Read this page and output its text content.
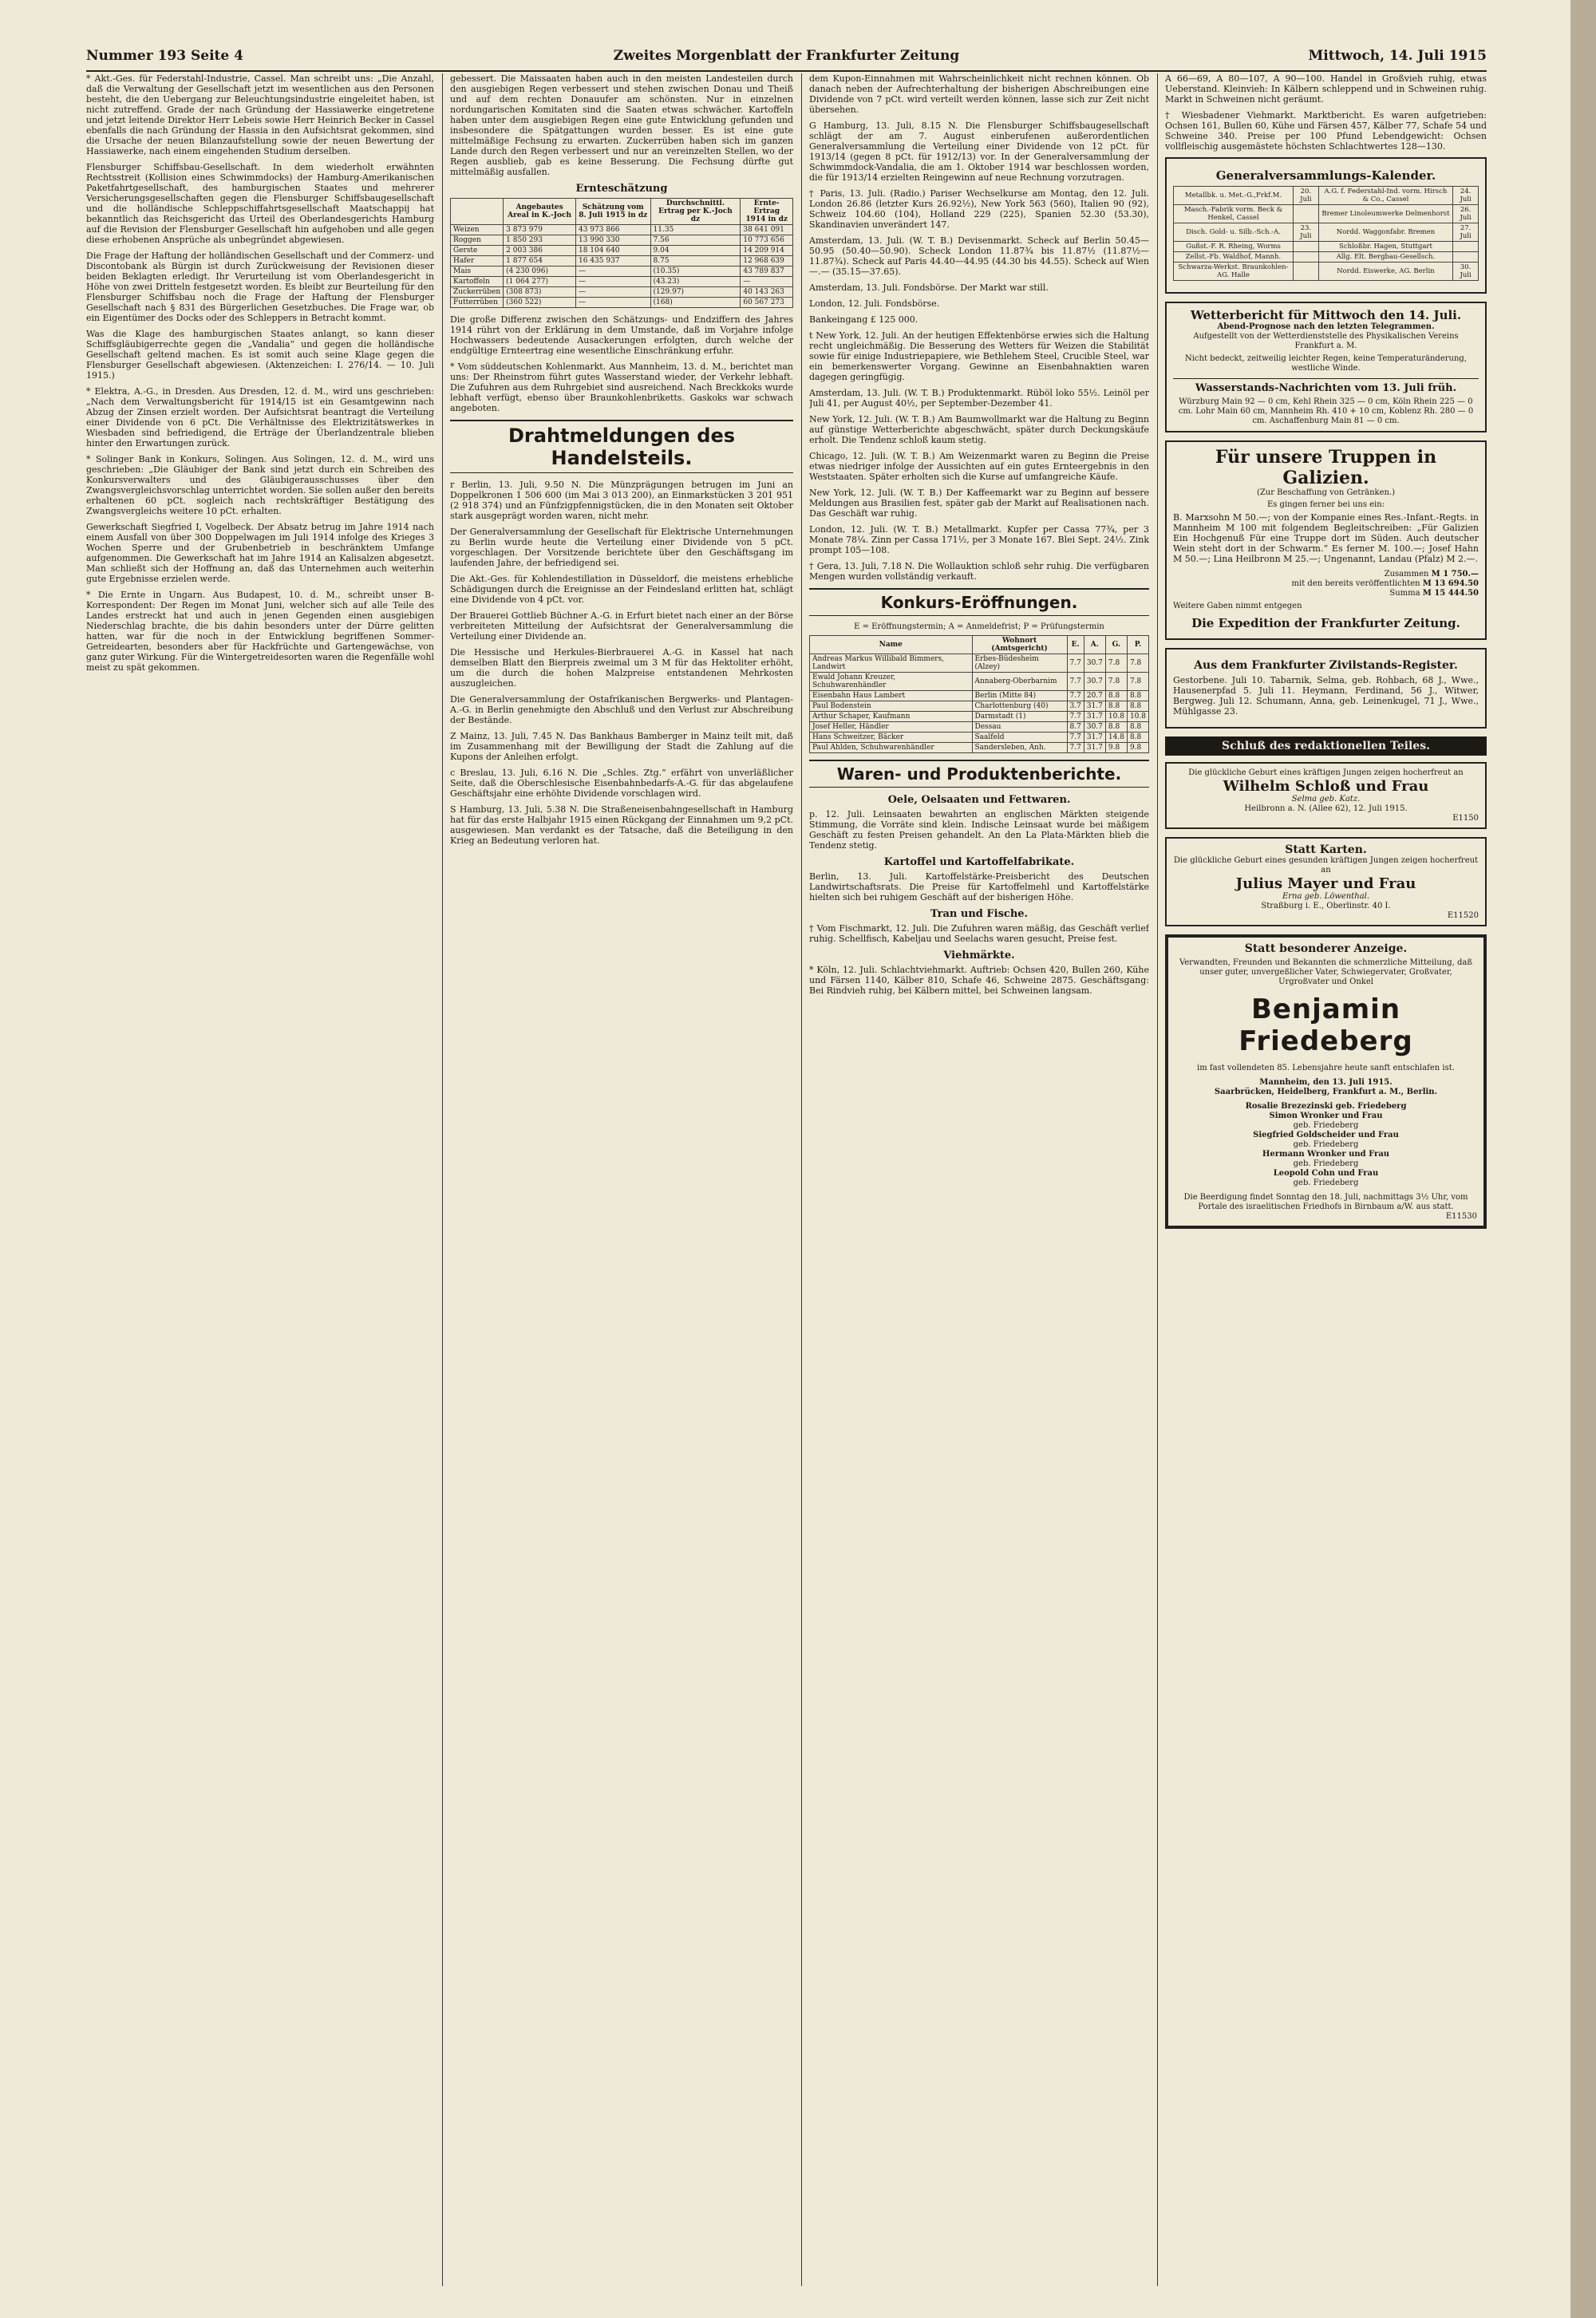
Nummer 193 Seite 4	Zweites Morgenblatt der Frankfurter Zeitung	Mittwoch, 14. Juli 1915

* Akt.-Ges. für Federstahl-Industrie, Cassel. Man schreibt uns: „Die Anzahl, daß die Verwaltung der Gesellschaft jetzt im wesentlichen aus den Personen besteht, die den Uebergang zur Beleuchtungsindustrie eingeleitet haben, ist nicht zutreffend. Grade der nach Gründung der Hassiawerke eingetretene und jetzt leitende Direktor Herr Lebeis sowie Herr Heinrich Becker in Cassel ebenfalls die nach Gründung der Hassia in den Aufsichtsrat gekommen, sind die Ursache der neuen Bilanzaufstellung sowie der neuen Bewertung der Hassiawerke, nach einem eingehenden Studium derselben.

Flensburger Schiffsbau-Gesellschaft. In dem wiederholt erwähnten Rechtsstreit (Kollision eines Schwimmdocks) der Hamburg-Amerikanischen Paketfahrtgesellschaft, des hamburgischen Staates und mehrerer Versicherungsgesellschaften gegen die Flensburger Schiffsbaugesellschaft und die holländische Schleppschiffahrtsgesellschaft Maatschappij hat bekanntlich das Reichsgericht das Urteil des Oberlandesgerichts Hamburg auf die Revision der Flensburger Gesellschaft hin aufgehoben und alle gegen diese erhobenen Ansprüche als unbegründet abgewiesen.

Die Frage der Haftung der holländischen Gesellschaft und der Commerz- und Discontobank als Bürgin ist durch Zurückweisung der Revisionen dieser beiden Beklagten erledigt. Ihr Verurteilung ist vom Oberlandesgericht in Höhe von zwei Dritteln festgesetzt worden. Es bleibt zur Beurteilung für den Flensburger Schiffsbau noch die Frage der Haftung der Flensburger Gesellschaft nach § 831 des Bürgerlichen Gesetzbuches. Die Frage war, ob ein Eigentümer des Docks oder des Schleppers in Betracht kommt.

Was die Klage des hamburgischen Staates anlangt, so kann dieser Schiffsgläubigerrechte gegen die „Vandalia“ und gegen die holländische Gesellschaft geltend machen. Es ist somit auch seine Klage gegen die Flensburger Gesellschaft abgewiesen. (Aktenzeichen: I. 276/14. — 10. Juli 1915.)

* Elektra, A.-G., in Dresden. Aus Dresden, 12. d. M., wird uns geschrieben: „Nach dem Verwaltungsbericht für 1914/15 ist ein Gesamtgewinn nach Abzug der Zinsen erzielt worden. Der Aufsichtsrat beantragt die Verteilung einer Dividende von 6 pCt. Die Verhältnisse des Elektrizitätswerkes in Wiesbaden sind befriedigend, die Erträge der Überlandzentrale blieben hinter den Erwartungen zurück.

* Solinger Bank in Konkurs, Solingen. Aus Solingen, 12. d. M., wird uns geschrieben: „Die Gläubiger der Bank sind jetzt durch ein Schreiben des Konkursverwalters und des Gläubigerausschusses über den Zwangsvergleichsvorschlag unterrichtet worden. Sie sollen außer den bereits erhaltenen 60 pCt. sogleich nach rechtskräftiger Bestätigung des Zwangsvergleichs weitere 10 pCt. erhalten.

Gewerkschaft Siegfried I, Vogelbeck. Der Absatz betrug im Jahre 1914 nach einem Ausfall von über 300 Doppelwagen im Juli 1914 infolge des Krieges 3 Wochen Sperre und der Grubenbetrieb in beschränktem Umfange aufgenommen. Die Gewerkschaft hat im Jahre 1914 an Kalisalzen abgesetzt. Man schließt sich der Hoffnung an, daß das Unternehmen auch weiterhin gute Ergebnisse erzielen werde.

* Die Ernte in Ungarn. Aus Budapest, 10. d. M., schreibt unser B-Korrespondent: Der Regen im Monat Juni, welcher sich auf alle Teile des Landes erstreckt hat und auch in jenen Gegenden einen ausgiebigen Niederschlag brachte, die bis dahin besonders unter der Dürre gelitten hatten, war für die noch in der Entwicklung begriffenen Sommer-Getreidearten, besonders aber für Hackfrüchte und Gartengewächse, von ganz guter Wirkung. Für die Wintergetreidesorten waren die Regenfälle wohl meist zu spät gekommen.

gebessert. Die Maissaaten haben auch in den meisten Landesteilen durch den ausgiebigen Regen verbessert und stehen zwischen Donau und Theiß und auf dem rechten Donauufer am schönsten. Nur in einzelnen nordungarischen Komitaten sind die Saaten etwas schwächer. Kartoffeln haben unter dem ausgiebigen Regen eine gute Entwicklung gefunden und insbesondere die Spätgattungen wurden besser. Es ist eine gute mittelmäßige Fechsung zu erwarten. Zuckerrüben haben sich im ganzen Lande durch den Regen verbessert und nur an vereinzelten Stellen, wo der Regen ausblieb, gab es keine Besserung. Die Fechsung dürfte gut mittelmäßig ausfallen.

Ernteschätzung
	Angebautes Areal in K.-Joch	Schätzung vom 8. Juli 1915 in dz	Durchschnittl. Ertrag per K.-Joch dz	Ernte-Ertrag 1914 in dz
Weizen	3 873 979	43 973 866	11.35	38 641 091
Roggen	1 850 293	13 990 330	7.56	10 773 656
Gerste	2 003 386	18 104 640	9.04	14 209 914
Hafer	1 877 654	16 435 937	8.75	12 968 639
Mais	(4 230 096)	—	(10.35)	43 789 837
Kartoffeln	(1 064 277)	—	(43.23)	—
Zuckerrüben	(308 873)	—	(129.97)	40 143 263
Futterrüben	(360 522)	—	(168)	60 567 273

Die große Differenz zwischen den Schätzungs- und Endziffern des Jahres 1914 rührt von der Erklärung in dem Umstande, daß im Vorjahre infolge Hochwassers bedeutende Ausackerungen erfolgten, durch welche der endgültige Ernteertrag eine wesentliche Einschränkung erfuhr.

* Vom süddeutschen Kohlenmarkt. Aus Mannheim, 13. d. M., berichtet man uns: Der Rheinstrom führt gutes Wasserstand wieder, der Verkehr lebhaft. Die Zufuhren aus dem Ruhrgebiet sind ausreichend. Nach Breckkoks wurde lebhaft verfügt, ebenso über Braunkohlenbriketts. Gaskoks war schwach angeboten.

Drahtmeldungen des Handelsteils.

r Berlin, 13. Juli, 9.50 N. Die Münzprägungen betrugen im Juni an Doppelkronen 1 506 600 (im Mai 3 013 200), an Einmarkstücken 3 201 951 (2 918 374) und an Fünfzigpfennigstücken, die in den Monaten seit Oktober stark ausgeprägt worden waren, nicht mehr.

Der Generalversammlung der Gesellschaft für Elektrische Unternehmungen zu Berlin wurde heute die Verteilung einer Dividende von 5 pCt. vorgeschlagen. Der Vorsitzende berichtete über den Geschäftsgang im laufenden Jahre, der befriedigend sei.

Die Akt.-Ges. für Kohlendestillation in Düsseldorf, die meistens erhebliche Schädigungen durch die Ereignisse an der Feindesland erlitten hat, schlägt eine Dividende von 4 pCt. vor.

Der Brauerei Gottlieb Büchner A.-G. in Erfurt bietet nach einer an der Börse verbreiteten Mitteilung der Aufsichtsrat der Generalversammlung die Verteilung einer Dividende an.

Die Hessische und Herkules-Bierbrauerei A.-G. in Kassel hat nach demselben Blatt den Bierpreis zweimal um 3 M für das Hektoliter erhöht, um die durch die hohen Malzpreise entstandenen Mehrkosten auszugleichen.

Die Generalversammlung der Ostafrikanischen Bergwerks- und Plantagen-A.-G. in Berlin genehmigte den Abschluß und den Verlust zur Abschreibung der Bestände.

Z Mainz, 13. Juli, 7.45 N. Das Bankhaus Bamberger in Mainz teilt mit, daß im Zusammenhang mit der Bewilligung der Stadt die Zahlung auf die Kupons der Anleihen erfolgt.

c Breslau, 13. Juli, 6.16 N. Die „Schles. Ztg.“ erfährt von unverläßlicher Seite, daß die Oberschlesische Eisenbahnbedarfs-A.-G. für das abgelaufene Geschäftsjahr eine erhöhte Dividende vorschlagen wird.

S Hamburg, 13. Juli, 5.38 N. Die Straßeneisenbahngesellschaft in Hamburg hat für das erste Halbjahr 1915 einen Rückgang der Einnahmen um 9,2 pCt. ausgewiesen. Man verdankt es der Tatsache, daß die Beteiligung in den Krieg an Bedeutung verloren hat.

dem Kupon-Einnahmen mit Wahrscheinlichkeit nicht rechnen können. Ob danach neben der Aufrechterhaltung der bisherigen Abschreibungen eine Dividende von 7 pCt. wird verteilt werden können, lasse sich zur Zeit nicht übersehen.

G Hamburg, 13. Juli, 8.15 N. Die Flensburger Schiffsbaugesellschaft schlägt der am 7. August einberufenen außerordentlichen Generalversammlung die Verteilung einer Dividende von 12 pCt. für 1913/14 (gegen 8 pCt. für 1912/13) vor. In der Generalversammlung der Schwimmdock-Vandalia, die am 1. Oktober 1914 war beschlossen worden, die für 1913/14 erzielten Reingewinn auf neue Rechnung vorzutragen.

† Paris, 13. Juli. (Radio.) Pariser Wechselkurse am Montag, den 12. Juli. London 26.86 (letzter Kurs 26.92½), New York 563 (560), Italien 90 (92), Schweiz 104.60 (104), Holland 229 (225), Spanien 52.30 (53.30), Skandinavien unverändert 147.

Amsterdam, 13. Juli. (W. T. B.) Devisenmarkt. Scheck auf Berlin 50.45—50.95 (50.40—50.90). Scheck London 11.87¾ bis 11.87½ (11.87½—11.87¾). Scheck auf Paris 44.40—44.95 (44.30 bis 44.55). Scheck auf Wien —.— (35.15—37.65).

Amsterdam, 13. Juli. Fondsbörse. Der Markt war still.

London, 12. Juli. Fondsbörse.

Bankeingang £ 125 000.

t New York, 12. Juli. An der heutigen Effektenbörse erwies sich die Haltung recht ungleichmäßig. Die Besserung des Wetters für Weizen die Stabilität sowie für einige Industriepapiere, wie Bethlehem Steel, Crucible Steel, war ein bemerkenswerter Vorgang. Gewinne an Eisenbahnaktien waren dagegen geringfügig.

Amsterdam, 13. Juli. (W. T. B.) Produktenmarkt. Rüböl loko 55½. Leinöl per Juli 41, per August 40½, per September-Dezember 41.

New York, 12. Juli. (W. T. B.) Am Baumwollmarkt war die Haltung zu Beginn auf günstige Wetterberichte abgeschwächt, später durch Deckungskäufe erholt. Die Tendenz schloß kaum stetig.

Chicago, 12. Juli. (W. T. B.) Am Weizenmarkt waren zu Beginn die Preise etwas niedriger infolge der Aussichten auf ein gutes Ernteergebnis in den Weststaaten. Später erholten sich die Kurse auf umfangreiche Käufe.

New York, 12. Juli. (W. T. B.) Der Kaffeemarkt war zu Beginn auf bessere Meldungen aus Brasilien fest, später gab der Markt auf Realisationen nach. Das Geschäft war ruhig.

London, 12. Juli. (W. T. B.) Metallmarkt. Kupfer per Cassa 77¾, per 3 Monate 78¼. Zinn per Cassa 171½, per 3 Monate 167. Blei Sept. 24½. Zink prompt 105—108.

† Gera, 13. Juli, 7.18 N. Die Wollauktion schloß sehr ruhig. Die verfügbaren Mengen wurden vollständig verkauft.

Konkurs-Eröffnungen.
E = Eröffnungstermin; A = Anmeldefrist; P = Prüfungstermin
Name	Wohnort (Amtsgericht)	E.	A.	G.	P.
Andreas Markus Willibald Bimmers, Landwirt	Erbes-Büdesheim (Alzey)	7.7	30.7	7.8	7.8
Ewald Johann Kreuzer, Schuhwarenhändler	Annaberg-Oberbarnim	7.7	30.7	7.8	7.8
Eisenbahn Haus Lambert	Berlin (Mitte 84)	7.7	20.7	8.8	8.8
Paul Bodenstein	Charlottenburg (40)	3.7	31.7	8.8	8.8
Arthur Schaper, Kaufmann	Darmstadt (1)	7.7	31.7	10.8	10.8
Josef Heller, Händler	Dessau	8.7	30.7	8.8	8.8
Hans Schweitzer, Bäcker	Saalfeld	7.7	31.7	14.8	8.8
Paul Ahlden, Schuhwarenhändler	Sandersleben, Anh.	7.7	31.7	9.8	9.8
Waren- und Produktenberichte.
Oele, Oelsaaten und Fettwaren.

p. 12. Juli. Leinsaaten bewahrten an englischen Märkten steigende Stimmung, die Vorräte sind klein. Indische Leinsaat wurde bei mäßigem Geschäft zu festen Preisen gehandelt. An den La Plata-Märkten blieb die Tendenz stetig.

Kartoffel und Kartoffelfabrikate.

Berlin, 13. Juli. Kartoffelstärke-Preisbericht des Deutschen Landwirtschaftsrats. Die Preise für Kartoffelmehl und Kartoffelstärke hielten sich bei ruhigem Geschäft auf der bisherigen Höhe.

Tran und Fische.

† Vom Fischmarkt, 12. Juli. Die Zufuhren waren mäßig, das Geschäft verlief ruhig. Schellfisch, Kabeljau und Seelachs waren gesucht, Preise fest.

Viehmärkte.

* Köln, 12. Juli. Schlachtviehmarkt. Auftrieb: Ochsen 420, Bullen 260, Kühe und Färsen 1140, Kälber 810, Schafe 46, Schweine 2875. Geschäftsgang: Bei Rindvieh ruhig, bei Kälbern mittel, bei Schweinen langsam.

A 66—69, A 80—107, A 90—100. Handel in Großvieh ruhig, etwas Ueberstand. Kleinvieh: In Kälbern schleppend und in Schweinen ruhig. Markt in Schweinen nicht geräumt.

† Wiesbadener Viehmarkt. Marktbericht. Es waren aufgetrieben: Ochsen 161, Bullen 60, Kühe und Färsen 457, Kälber 77, Schafe 54 und Schweine 340. Preise per 100 Pfund Lebendgewicht: Ochsen vollfleischig ausgemästete höchsten Schlachtwertes 128—130.

Generalversammlungs-Kalender.
Metallbk. u. Met.-G.,Frkf.M.	20. Juli	A.G. f. Federstahl-Ind. vorm. Hirsch & Co., Cassel	24. Juli
Masch.-Fabrik vorm. Beck & Henkel, Cassel		Bremer Linoleumwerke Delmenhorst	26. Juli
Disch. Gold- u. Silb.-Sch.-A.	23. Juli	Nordd. Waggonfabr. Bremen	27. Juli
Gußst.-F. R. Rheing, Worms		Schloßbr. Hagen, Stuttgart	
Zellst.-Fb. Waldhof, Mannh.		Allg. Elt. Bergbau-Gesellsch.	
Schwarza-Werkst. Braunkohlen-AG. Halle		Nordd. Eiswerke, AG. Berlin	30. Juli
Wetterbericht für Mittwoch den 14. Juli.
Abend-Prognose nach den letzten Telegrammen.
Aufgestellt von der Wetterdienststelle des Physikalischen Vereins Frankfurt a. M.
Nicht bedeckt, zeitweilig leichter Regen, keine Temperaturänderung, westliche Winde.
Wasserstands-Nachrichten vom 13. Juli früh.
Würzburg Main 92 — 0 cm, Kehl Rhein 325 — 0 cm, Köln Rhein 225 — 0 cm. Lohr Main 60 cm, Mannheim Rh. 410 + 10 cm, Koblenz Rh. 280 — 0 cm. Aschaffenburg Main 81 — 0 cm.
Für unsere Truppen in Galizien.
(Zur Beschaffung von Getränken.)
Es gingen ferner bei uns ein:

B. Marxsohn M 50.—; von der Kompanie eines Res.-Infant.-Regts. in Mannheim M 100 mit folgendem Begleitschreiben: „Für Galizien Ein Hochgenuß Für eine Truppe dort im Süden. Auch deutscher Wein steht dort in der Schwarm.“ Es ferner M. 100.—; Josef Hahn M 50.—; Lina Heilbronn M 25.—; Ungenannt, Landau (Pfalz) M 2.—.

Zusammen M 1 750.—
mit den bereits veröffentlichten M 13 694.50
Summa M 15 444.50
Weitere Gaben nimmt entgegen
Die Expedition der Frankfurter Zeitung.
Aus dem Frankfurter Zivilstands-Register.

Gestorbene. Juli 10. Tabarnik, Selma, geb. Rohbach, 68 J., Wwe., Hausenerpfad 5. Juli 11. Heymann, Ferdinand, 56 J., Witwer, Bergweg. Juli 12. Schumann, Anna, geb. Leinenkugel, 71 J., Wwe., Mühlgasse 23.

Schluß des redaktionellen Teiles.
Die glückliche Geburt eines kräftigen Jungen zeigen hocherfreut an
Wilhelm Schloß und Frau
Selma geb. Katz.
Heilbronn a. N. (Allee 62), 12. Juli 1915.
E1150
Statt Karten.
Die glückliche Geburt eines gesunden kräftigen Jungen zeigen hocherfreut an
Julius Mayer und Frau
Erna geb. Löwenthal.
Straßburg i. E., Oberlinstr. 40 I.
E11520
Statt besonderer Anzeige.
Verwandten, Freunden und Bekannten die schmerzliche Mitteilung, daß unser guter, unvergeßlicher Vater, Schwiegervater, Großvater, Urgroßvater und Onkel
Benjamin Friedeberg
im fast vollendeten 85. Lebensjahre heute sanft entschlafen ist.
Mannheim, den 13. Juli 1915.
Saarbrücken, Heidelberg, Frankfurt a. M., Berlin.
Rosalie Brezezinski geb. Friedeberg
Simon Wronker und Frau
geb. Friedeberg
Siegfried Goldscheider und Frau
geb. Friedeberg
Hermann Wronker und Frau
geb. Friedeberg
Leopold Cohn und Frau
geb. Friedeberg
Die Beerdigung findet Sonntag den 18. Juli, nachmittags 3½ Uhr, vom Portale des israelitischen Friedhofs in Birnbaum a/W. aus statt.
E11530
